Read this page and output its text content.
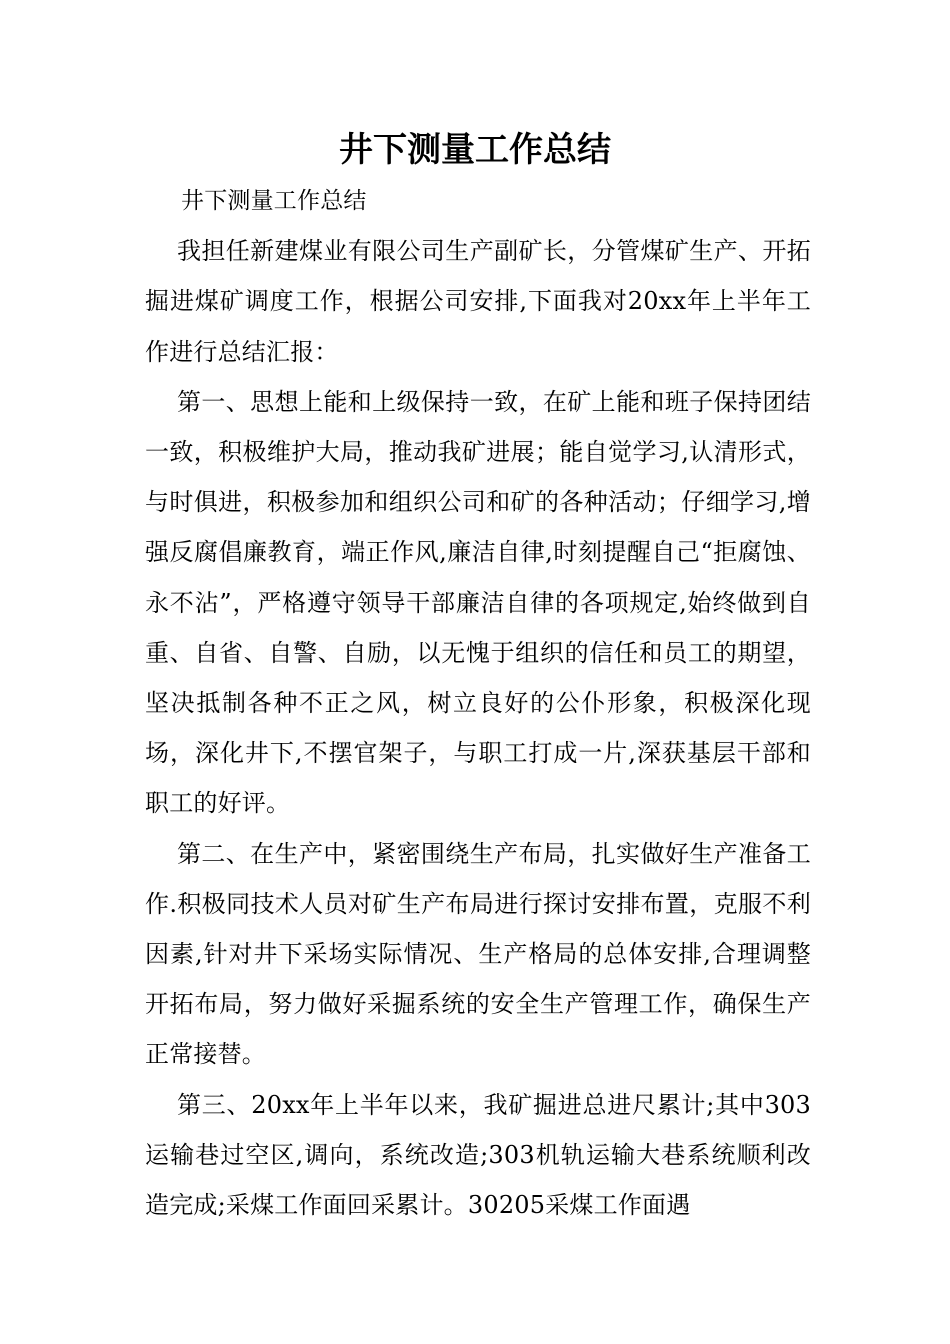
井下测量工作总结

井下测量工作总结

我担任新建煤业有限公司生产副矿长，分管煤矿生产、开拓掘进煤矿调度工作，根据公司安排,下面我对20xx年上半年工作进行总结汇报：

第一、思想上能和上级保持一致，在矿上能和班子保持团结一致，积极维护大局，推动我矿进展；能自觉学习,认清形式，与时俱进，积极参加和组织公司和矿的各种活动；仔细学习,增强反腐倡廉教育，端正作风,廉洁自律,时刻提醒自己“拒腐蚀、永不沾”，严格遵守领导干部廉洁自律的各项规定,始终做到自重、自省、自警、自励，以无愧于组织的信任和员工的期望，坚决抵制各种不正之风，树立良好的公仆形象，积极深化现场，深化井下,不摆官架子，与职工打成一片,深获基层干部和职工的好评。

第二、在生产中，紧密围绕生产布局，扎实做好生产准备工作.积极同技术人员对矿生产布局进行探讨安排布置，克服不利因素,针对井下采场实际情况、生产格局的总体安排,合理调整开拓布局，努力做好采掘系统的安全生产管理工作，确保生产正常接替。

第三、20xx年上半年以来，我矿掘进总进尺累计;其中303运输巷过空区,调向，系统改造;303机轨运输大巷系统顺利改造完成;采煤工作面回采累计。30205采煤工作面遇
